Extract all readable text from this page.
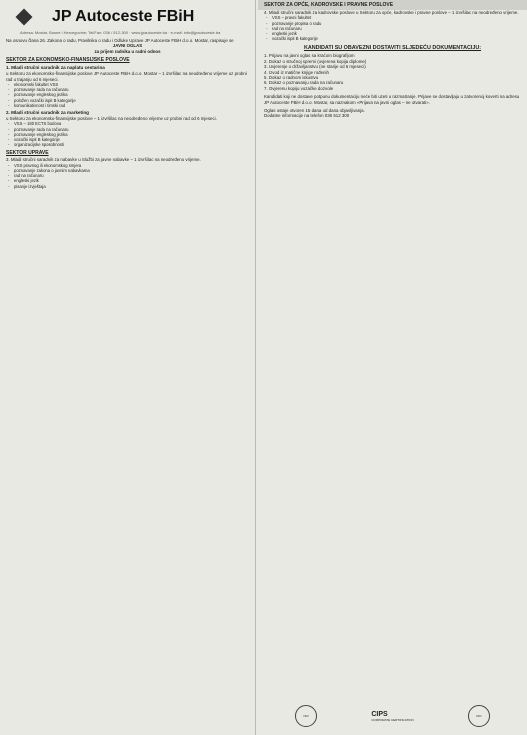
JP Autoceste FBiH
Adresa: Mostar, Bosne i Hercegovine; Tel/Fax: 036 / 512-300 · www.jpautoceste.ba · e-mail: info@jpautoceste.ba

Na osnovu člana 26. Zakona o radu, Pravilnika o radu i Odluke Uprave JP Autoceste FBiH d.o.o. Mostar, raspisuje se

JAVNI OGLAS

za prijem radnika u radni odnos

SEKTOR ZA EKONOMSKO-FINANSIJSKE POSLOVE
1. Mladi stručni saradnik za naplatu cestarina

u Sektoru za ekonomsko-finansijske poslove JP Autoceste FBiH d.o.o. Mostar – 1 izvršilac na neodređeno vrijeme uz probni rad u trajanju od 6 mjeseci.

- ekonomski fakultet VSS
- poznavanje rada na računaru
- poznavanje engleskog jezika
- položen vozački ispit B kategorije
- komunikativnost i timski rad
2. Mladi stručni saradnik za marketing

u Sektoru za ekonomsko-finansijske poslove – 1 izvršilac na neodređeno vrijeme uz probni rad od 6 mjeseci.

- VSS – 180 ECTS bodova
- poznavanje rada na računaru
- poznavanje engleskog jezika
- vozački ispit B kategorije
- organizacijske sposobnosti
SEKTOR UPRAVE

3. Mladi stručni saradnik za nabavke u Službi za javne nabavke – 1 izvršilac na neodređeno vrijeme.

- VSS pravnog ili ekonomskog smjera
- poznavanje zakona o javnim nabavkama
- rad na računaru
- engleski jezik
- pisanje izvještaja
SEKTOR ZA OPĆE, KADROVSKE I PRAVNE POSLOVE

4. Mladi stručni saradnik za kadrovske poslove u Sektoru za opće, kadrovske i pravne poslove – 1 izvršilac na neodređeno vrijeme.

- VSS – pravni fakultet
- poznavanje propisa o radu
- rad na računaru
- engleski jezik
- vozački ispit B kategorije
KANDIDATI SU OBAVEZNI DOSTAVITI SLJEDEĆU DOKUMENTACIJU:

1. Prijavu na javni oglas sa kraćom biografijom

2. Dokaz o stručnoj spremi (ovjerena kopija diplome)

3. Uvjerenje o državljanstvu (ne starije od 6 mjeseci)

4. Izvod iz matične knjige rođenih

5. Dokaz o radnom iskustvu

6. Dokaz o poznavanju rada na računaru

7. Ovjerenu kopiju vozačke dozvole

Kandidati koji ne dostave potpunu dokumentaciju neće biti uzeti u razmatranje. Prijave se dostavljaju u zatvorenoj koverti na adresu JP Autoceste FBiH d.o.o. Mostar, sa naznakom «Prijava na javni oglas – ne otvarati».

Oglas ostaje otvoren 15 dana od dana objavljivanja.

Dodatne informacije na telefon 036 512 300

ISO	CIPS
CORPORATE CERTIFICATION
ISO
